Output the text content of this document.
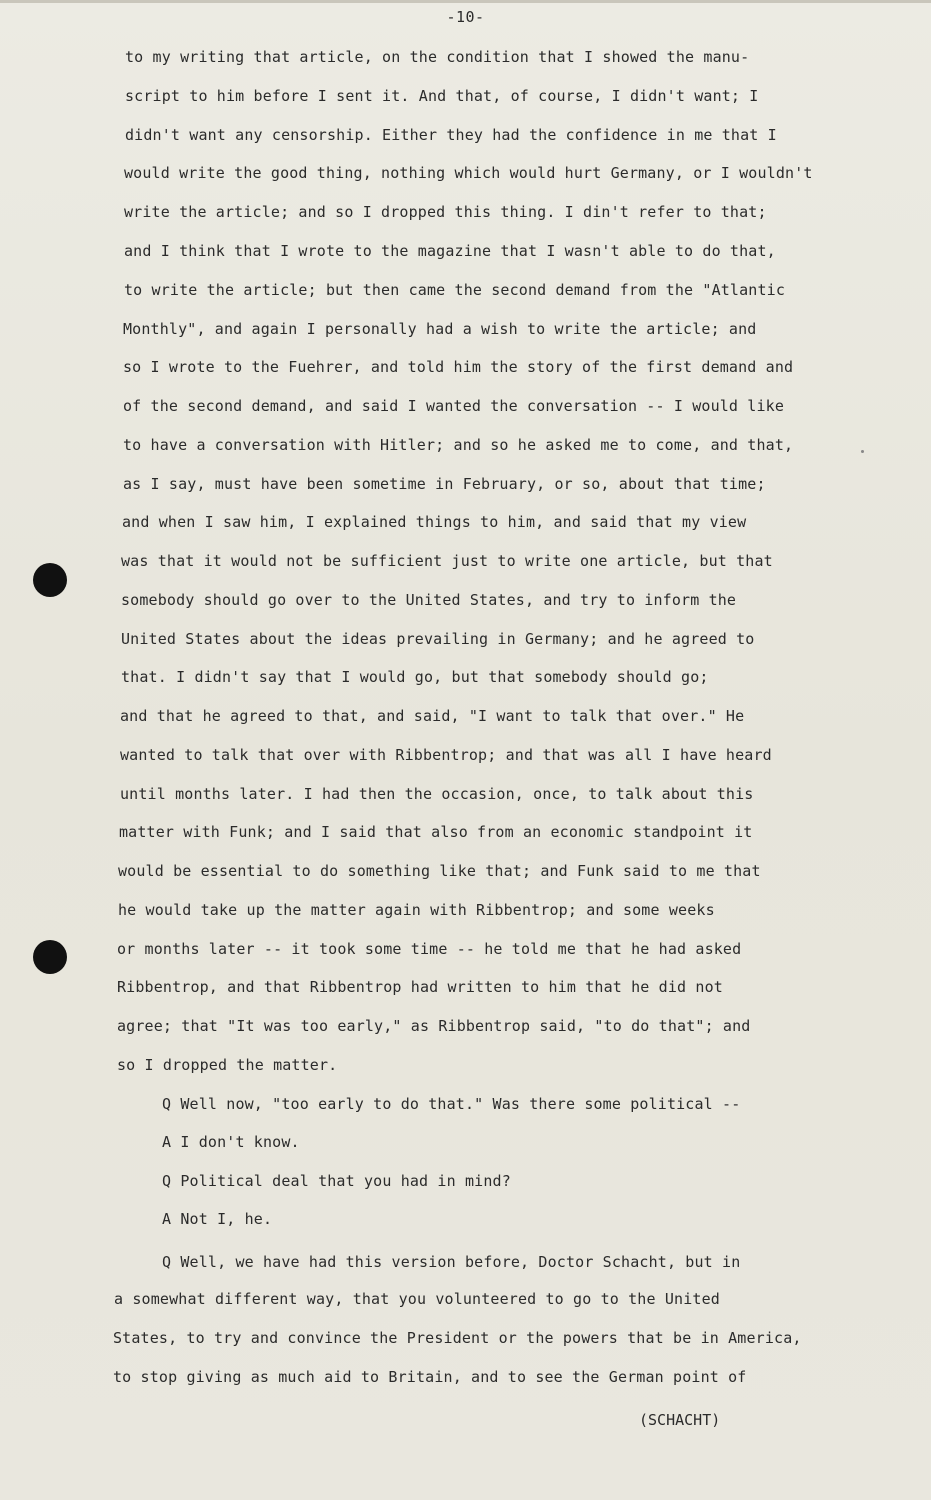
-10-
to my writing that article, on the condition that I showed the manu-
script to him before I sent it. And that, of course, I didn't want; I
didn't want any censorship. Either they had the confidence in me that I
would write the good thing, nothing which would hurt Germany, or I wouldn't
write the article; and so I dropped this thing. I din't refer to that;
and I think that I wrote to the magazine that I wasn't able to do that,
to write the article; but then came the second demand from the "Atlantic
Monthly", and again I personally had a wish to write the article; and
so I wrote to the Fuehrer, and told him the story of the first demand and
of the second demand, and said I wanted the conversation -- I would like
to have a conversation with Hitler; and so he asked me to come, and that,
as I say, must have been sometime in February, or so, about that time;
and when I saw him, I explained things to him, and said that my view
was that it would not be sufficient just to write one article, but that
somebody should go over to the United States, and try to inform the
United States about the ideas prevailing in Germany; and he agreed to
that. I didn't say that I would go, but that somebody should go;
and that he agreed to that, and said, "I want to talk that over." He
wanted to talk that over with Ribbentrop; and that was all I have heard
until months later. I had then the occasion, once, to talk about this
matter with Funk; and I said that also from an economic standpoint it
would be essential to do something like that; and Funk said to me that
he would take up the matter again with Ribbentrop; and some weeks
or months later -- it took some time -- he told me that he had asked
Ribbentrop, and that Ribbentrop had written to him that he did not
agree; that "It was too early," as Ribbentrop said, "to do that"; and
so I dropped the matter.
Q Well now, "too early to do that." Was there some political --
A I don't know.
Q Political deal that you had in mind?
A Not I, he.
Q Well, we have had this version before, Doctor Schacht, but in
a somewhat different way, that you volunteered to go to the United
States, to try and convince the President or the powers that be in America,
to stop giving as much aid to Britain, and to see the German point of
(SCHACHT)
